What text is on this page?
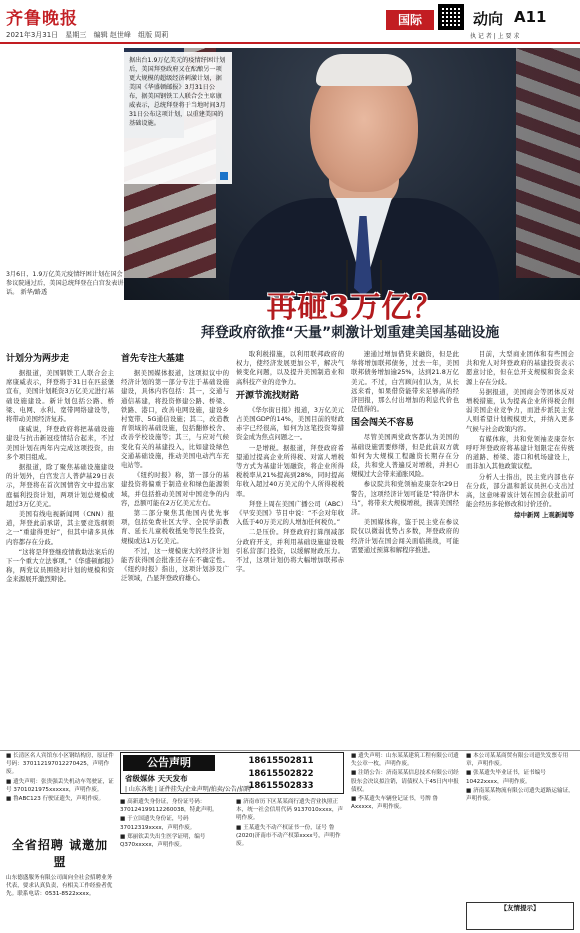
齐鲁晚报
2021年3月31日 星期三 编辑 赵世峰 组版 周莉
国际	动向 A11
执 记 者 | 上 要 求
据出台1.9万亿美元的疫情纾困计划后，美国拜登政府又在酝酿另一项更大规模的超级经济刺激计划，据美国《华盛顿邮报》3月31日公布，据美国钢铁工人联合会主席康威表示，总统拜登将于当地时间3月31日公布这项计划，以重建美国的基础设施。
3月6日，1.9万亿美元疫情纾困计划在国会参议院通过后，美国总统拜登在白宫发表讲话。 新华/路透	再砸3万亿？
拜登政府欲推“天量”刺激计划重建美国基础设施
计划分为两步走

据报道，美国钢铁工人联合会主席康威表示，拜登将于31日在匹兹堡宣布，美国计划耗资3万亿美元进行基础设施建设。新计划包括公路、桥梁、电网、水利、宽带网络建设等，将带动美国经济复苏。

康威说，拜登政府将把基础设施建设与抗击新冠疫情结合起来，不过美国计划在两年内完成这项投资，由多个项目组成。

据报道，除了聚焦基础设施建设的计划外，白宫发言人普萨基29日表示，拜登将在首次国情咨文中提出家庭福利投资计划，两项计划总规模或超过3万亿美元。

美国有线电视新闻网（CNN）报道，拜登此前承诺，其主要竞选纲领之一“重建得更好”，但其中诸多具体内容都存在分歧。

“这将是拜登继疫情救助法案后的下一个重大立法事项。”《华盛顿邮报》称，两党议员围绕对计划的规模和资金来源展开激烈辩论。

首先专注大基建

据美国媒体报道，这项拟议中的经济计划的第一部分专注于基础设施建设，具体内容包括：其一，交通与通信基建，将投资修建公路、桥梁、铁路、港口，改善电网设施，建设乡村宽带、5G通信设施；其二，改造教育领域的基础设施，包括翻修校舍、改善学校设施等；其三，与应对气候变化有关的基建投入，比如建设绿色交通基础设施，推动美国电动汽车充电站等。

《纽约时报》称，第一部分的基建投资将偏重于制造业和绿色能源领域，并包括推动美国对中国竞争的内容，总额可能在2万亿美元左右。

第二部分聚焦其他国内优先事项，包括免费社区大学、全民学前教育、延长儿童税收抵免等民生投资，规模或达1万亿美元。

不过，这一规模庞大的经济计划能否获得国会批准还存在不确定性。《纽约时报》指出，这项计划涉及广泛领域，凸显拜登政府雄心。

取利税措施，以利用联邦政府的权力，使经济发展更加公平，解决气候变化问题，以及提升美国制造业和高科技产业的竞争力。

开源节流找财路

《华尔街日报》报道，3万亿美元占美国GDP的14%，美国目前的财政赤字已经很高，如何为这笔投资筹措资金成为焦点问题之一。

一是增税。据报道，拜登政府希望通过提高企业所得税、对富人增税等方式为基建计划融资，将企业所得税税率从21%提高到28%，同时提高年收入超过40万美元的个人所得税税率。

拜登上周在美国广播公司（ABC）《早安美国》节目中说：“不会对年收入低于40万美元的人增加任何税负。”

二是压价。拜登政府打算削减部分政府开支，并利用基础设施建设吸引私营部门投资，以缓解财政压力。不过，这项计划仍将大幅增加联邦赤字。

速通过增加借贷来融资，但是此举将增加联邦债务，过去一年，美国联邦债务增加逾25%，达到21.8万亿美元。不过，白宫顾问们认为，从长远来看，如果借贷能带来足够高的经济回报，那么付出增加的利息代价也是值得的。

国会闯关不容易

尽管美国两党政客都认为美国的基础设施需要修缮，但是此前双方就如何为大规模工程融资长期存在分歧，共和党人普遍反对增税，并担心规模过大会带来通胀风险。

参议院共和党领袖麦康奈尔29日警告，这项经济计划可能是“特洛伊木马”，将带来大规模增税，损害美国经济。

美国媒体称，鉴于民主党在参议院仅以微弱优势占多数，拜登政府的经济计划在国会闯关面临挑战，可能需要通过预算和解程序推进。

目前，大型商业团体和有些国会共和党人对拜登政府的基建投资表示愿意讨论，但在总开支规模和资金来源上存在分歧。

另据报道，美国商会等团体反对增税措施，认为提高企业所得税会削弱美国企业竞争力，而进步派民主党人则希望计划规模更大，并纳入更多气候与社会政策内容。

有媒体称，共和党领袖麦康奈尔呼吁拜登政府将基建计划限定在传统的道路、桥梁、港口和机场建设上，而非加入其他政策议程。

分析人士指出，民主党内部也存在分歧，部分温和派议员担心支出过高，这意味着该计划在国会获批前可能会经历多轮修改和讨价还价。

综中新网 上观新闻等

■ 长清区名人宾馆东小区钢结构房，原证件号码：370112197012270425，声明作废。

■ 遗失声明：张贵强丢失机动车驾驶证，证号 3701021975xxxxxx，声明作废。

■ 鲁ABC123 行驶证遗失，声明作废。

全省招聘 诚邀加盟

山东德盛服务有限公司面向全社会招聘业务代表，要求认真负责，有相关工作经验者优先。联系电话：0531-8522xxxx。

公告声明
省级媒体 天天发布
| 山东各地 | 证件挂失/企业声明/拍卖/公告/招聘
18615502811
18615502822
18615502833

■ 高新遗失身份证，身份证号码：370124199112260038，特此声明。

■ 于立国遗失身份证，号码 37012319xxxx，声明作废。

■ 郑丽钦丢失出生医学证明，编号 Q370xxxxx，声明作废。

■ 济南市历下区某某商行遗失营业执照正本，统一社会信用代码 9137010xxxx，声明作废。

■ 王某遗失不动产权证书一份，证号 鲁(2020)济南市不动产权第xxxx号，声明作废。

■ 遗失声明：山东某某建筑工程有限公司遗失公章一枚，声明作废。

■ 注销公告：济南某某信息技术有限公司经股东会决议拟注销，请债权人于45日内申报债权。

■ 李某遗失车辆登记证书，号牌 鲁Axxxxx，声明作废。

■ 本公司某某商贸有限公司遗失发票专用章，声明作废。

■ 张某遗失毕业证书，证书编号 10422xxxx，声明作废。

■ 济南某某物流有限公司遗失道路运输证，声明作废。

【友情提示】
